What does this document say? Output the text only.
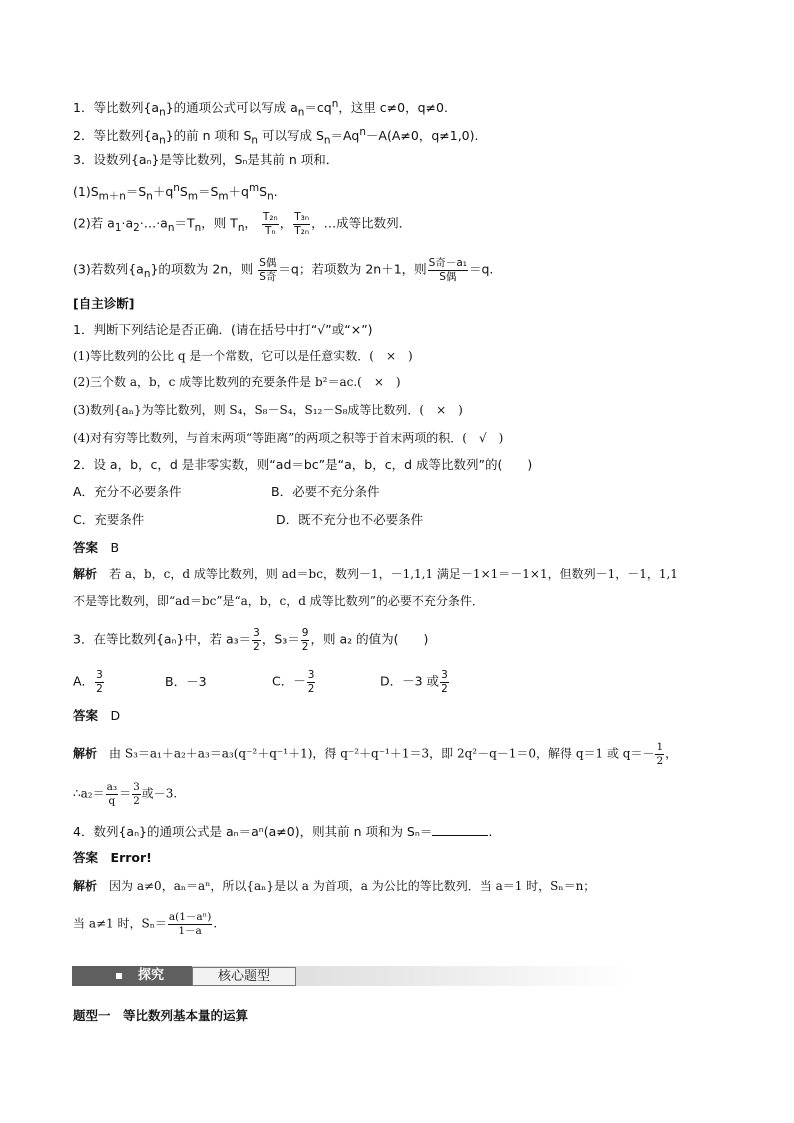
1．等比数列$\{a_n\}$的通项公式可以写成 $a_n=cq^n$，这里 c≠0，q≠0.
2．等比数列$\{a_n\}$的前 n 项和 $S_n$ 可以写成 $S_n=Aq^n-A(A\ne 0$，q≠1,0).
3．设数列{aₙ}是等比数列，Sₙ是其前 n 项和．
$(1)S_{m+n}=S_n+q^nS_m=S_m+q^mS_n$.
(2)若 $a_1\cdot a_2\cdot\dots\cdot a_n=T_n$，则 $T_n$， $\frac{\text{T₂ₙ}}{\text{Tₙ}}$ ， $\frac{\text{T₃ₙ}}{\text{T₂ₙ}}$ ，…成等比数列．
(3)若数列$\{a_n\}$的项数为 2n，则 $\frac{\text{S偶}}{\text{S奇}} =q$；若项数为 2n＋1，则 $\frac{\text{S奇－a₁}}{\text{S偶}} =q$.
[自主诊断]
1．判断下列结论是否正确．(请在括号中打“√”或“×”)
(1)等比数列的公比 q 是一个常数，它可以是任意实数．(　×　)
(2)三个数 a，b，c 成等比数列的充要条件是 b²＝ac.(　×　)
(3)数列{aₙ}为等比数列，则 S₄，S₈－S₄，S₁₂－S₈成等比数列．(　×　)
(4)对有穷等比数列，与首末两项“等距离”的两项之积等于首末两项的积．(　√　)
2．设 a，b，c，d 是非零实数，则“ad＝bc”是“a，b，c，d 成等比数列”的(　　)
A．充分不必要条件	B．必要不充分条件
C．充要条件	D．既不充分也不必要条件
答案　 B
解析　 若 a，b，c，d 成等比数列，则 ad＝bc，数列－1，－1,1,1 满足－1×1＝－1×1，但数列－1，－1，1,1
不是等比数列，即“ad＝bc”是“a，b，c，d 成等比数列”的必要不充分条件．
3．在等比数列{aₙ}中，若 $a_3= \frac{3}{2}$ ，$S_3= \frac{9}{2}$ ，则 a₂ 的值为(　　)
A． $\frac{3}{2}$	B．－3	C．－ $\frac{3}{2}$	D．－3 或 $\frac{3}{2}$
答案　 D
解析　 由 S₃＝a₁＋a₂＋a₃＝a₃(q⁻²＋q⁻¹＋1)，得 q⁻²＋q⁻¹＋1＝3，即 2q²－q－1＝0，解得 q＝1 或 $q=- \frac{1}{2}$ ，
∴a₂＝ $\frac{\text{a₃}}{q} = \frac{3}{2}$ 或－3.
4．数列{aₙ}的通项公式是 aₙ＝aⁿ(a≠0)，则其前 n 项和为 Sₙ＝	.
答案　 Error!
解析　 因为 a≠0，aₙ＝aⁿ，所以{aₙ}是以 a 为首项，a 为公比的等比数列．当 a＝1 时，Sₙ＝n；
当 a≠1 时，$S_n= \frac{\text{a(1－aⁿ)}}{1-a}$ .
探究	核心题型
题型一　等比数列基本量的运算
